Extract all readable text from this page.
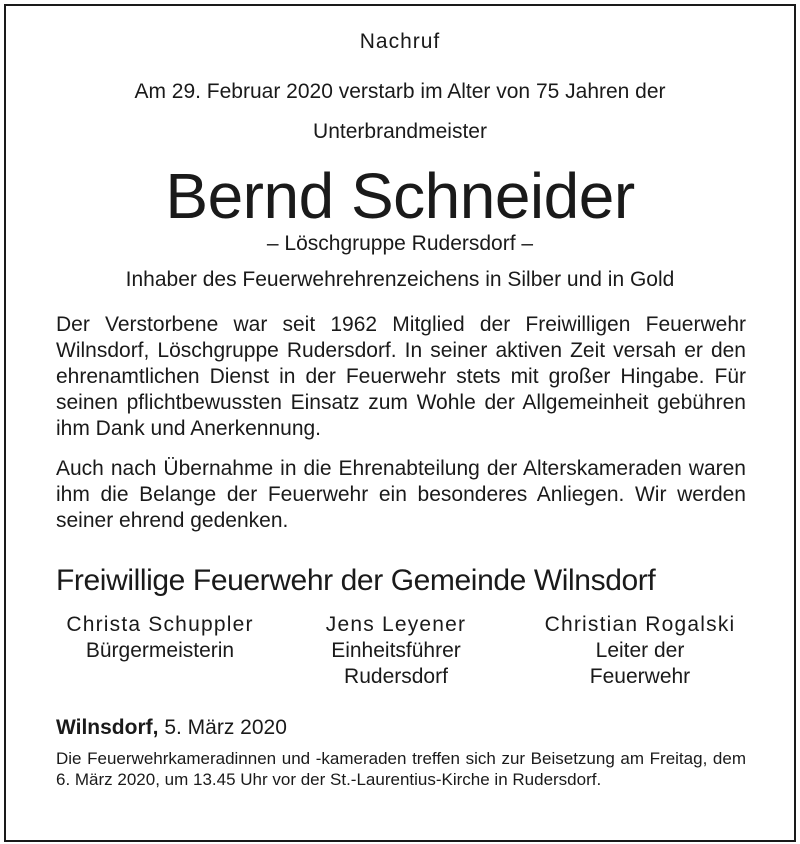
Nachruf
Am 29. Februar 2020 verstarb im Alter von 75 Jahren der
Unterbrandmeister
Bernd Schneider
– Löschgruppe Rudersdorf –
Inhaber des Feuerwehrehrenzeichens in Silber und in Gold
Der Verstorbene war seit 1962 Mitglied der Freiwilligen Feuerwehr Wilnsdorf, Löschgruppe Rudersdorf. In seiner aktiven Zeit versah er den ehrenamtlichen Dienst in der Feuerwehr stets mit großer Hingabe. Für seinen pflichtbewussten Einsatz zum Wohle der Allgemeinheit gebühren ihm Dank und Anerkennung.
Auch nach Übernahme in die Ehrenabteilung der Alterskameraden waren ihm die Belange der Feuerwehr ein besonderes Anliegen. Wir werden seiner ehrend gedenken.
Freiwillige Feuerwehr der Gemeinde Wilnsdorf
Christa Schuppler
Bürgermeisterin
Jens Leyener
Einheitsführer
Rudersdorf
Christian Rogalski
Leiter der
Feuerwehr
Wilnsdorf, 5. März 2020
Die Feuerwehrkameradinnen und -kameraden treffen sich zur Beisetzung am Freitag, dem 6. März 2020, um 13.45 Uhr vor der St.-Laurentius-Kirche in Rudersdorf.
